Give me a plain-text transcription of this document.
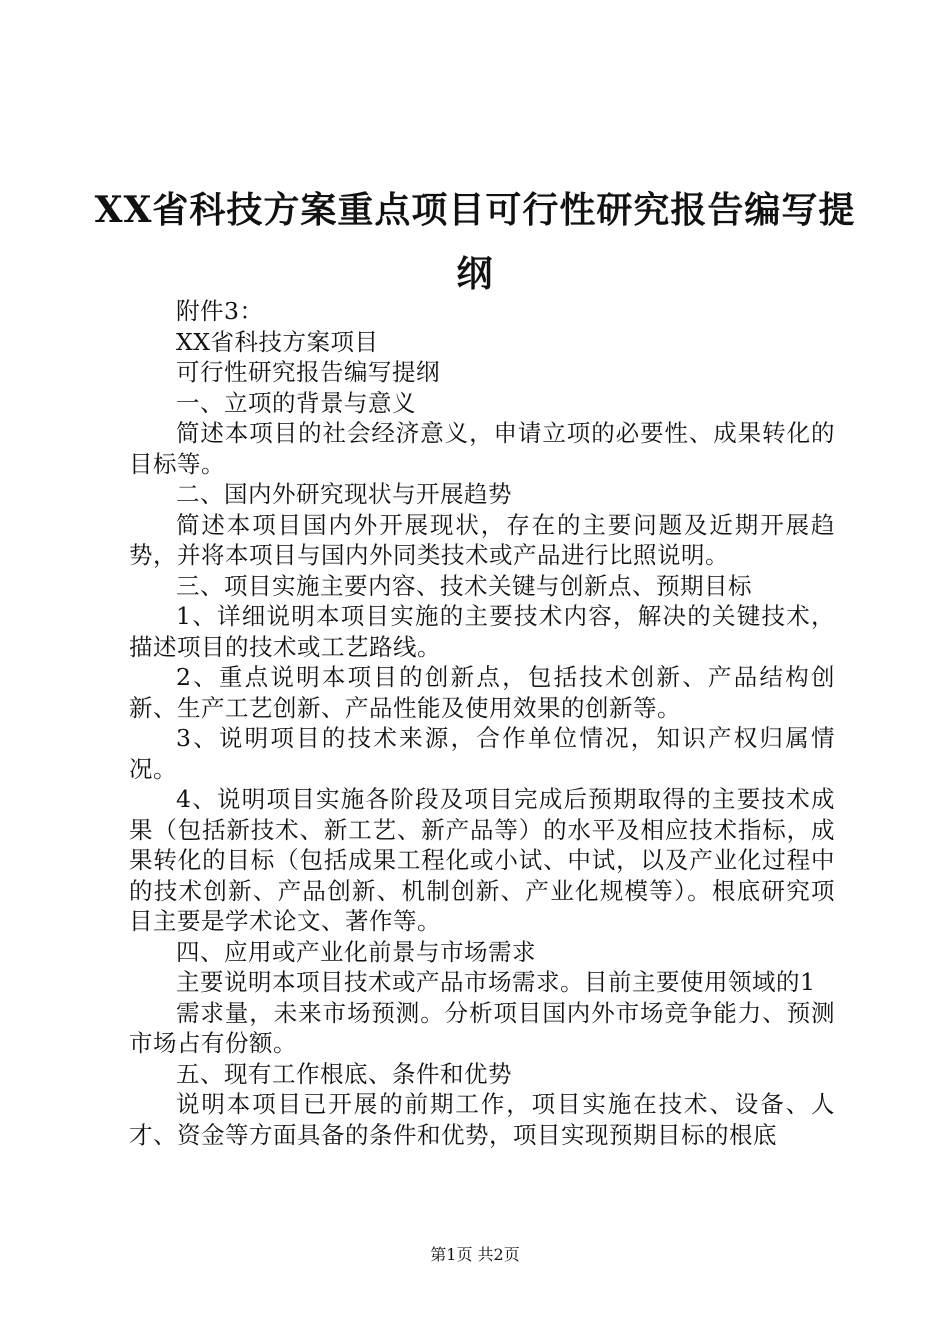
XX省科技方案重点项目可行性研究报告编写提纲

附件3：

XX省科技方案项目

可行性研究报告编写提纲

一、立项的背景与意义

简述本项目的社会经济意义，申请立项的必要性、成果转化的目标等。

二、国内外研究现状与开展趋势

简述本项目国内外开展现状，存在的主要问题及近期开展趋势，并将本项目与国内外同类技术或产品进行比照说明。

三、项目实施主要内容、技术关键与创新点、预期目标

1、详细说明本项目实施的主要技术内容，解决的关键技术，描述项目的技术或工艺路线。

2、重点说明本项目的创新点，包括技术创新、产品结构创新、生产工艺创新、产品性能及使用效果的创新等。

3、说明项目的技术来源，合作单位情况，知识产权归属情况。

4、说明项目实施各阶段及项目完成后预期取得的主要技术成果（包括新技术、新工艺、新产品等）的水平及相应技术指标，成果转化的目标（包括成果工程化或小试、中试，以及产业化过程中的技术创新、产品创新、机制创新、产业化规模等）。根底研究项目主要是学术论文、著作等。

四、应用或产业化前景与市场需求

主要说明本项目技术或产品市场需求。目前主要使用领域的1

需求量，未来市场预测。分析项目国内外市场竞争能力、预测市场占有份额。

五、现有工作根底、条件和优势

说明本项目已开展的前期工作，项目实施在技术、设备、人才、资金等方面具备的条件和优势，项目实现预期目标的根底

第1页 共2页
